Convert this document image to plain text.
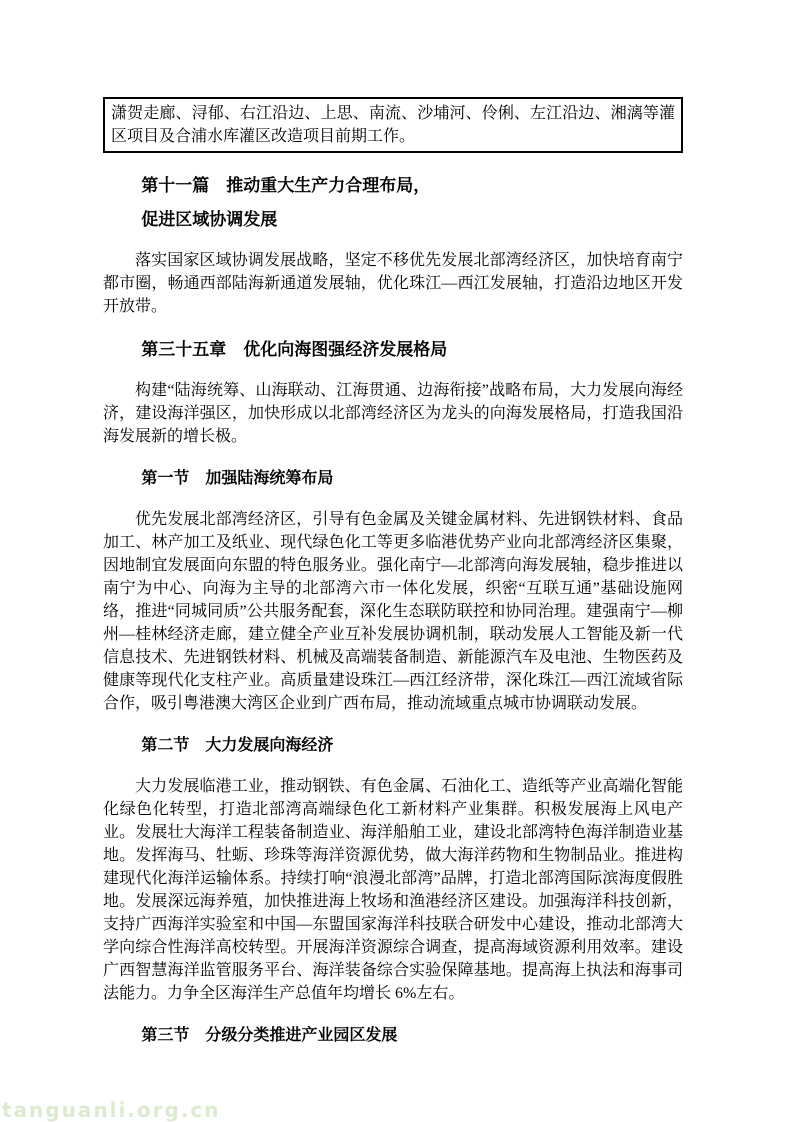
潇贺走廊、浔郁、右江沿边、上思、南流、沙埔河、伶俐、左江沿边、湘漓等灌区项目及合浦水库灌区改造项目前期工作。
第十一篇　推动重大生产力合理布局，
促进区域协调发展
落实国家区域协调发展战略，坚定不移优先发展北部湾经济区，加快培育南宁都市圈，畅通西部陆海新通道发展轴，优化珠江—西江发展轴，打造沿边地区开发开放带。
第三十五章　优化向海图强经济发展格局
构建“陆海统筹、山海联动、江海贯通、边海衔接”战略布局，大力发展向海经济，建设海洋强区，加快形成以北部湾经济区为龙头的向海发展格局，打造我国沿海发展新的增长极。
第一节　加强陆海统筹布局
优先发展北部湾经济区，引导有色金属及关键金属材料、先进钢铁材料、食品加工、林产加工及纸业、现代绿色化工等更多临港优势产业向北部湾经济区集聚，因地制宜发展面向东盟的特色服务业。强化南宁—北部湾向海发展轴，稳步推进以南宁为中心、向海为主导的北部湾六市一体化发展，织密“互联互通”基础设施网络，推进“同城同质”公共服务配套，深化生态联防联控和协同治理。建强南宁—柳州—桂林经济走廊，建立健全产业互补发展协调机制，联动发展人工智能及新一代信息技术、先进钢铁材料、机械及高端装备制造、新能源汽车及电池、生物医药及健康等现代化支柱产业。高质量建设珠江—西江经济带，深化珠江—西江流域省际合作，吸引粤港澳大湾区企业到广西布局，推动流域重点城市协调联动发展。
第二节　大力发展向海经济
大力发展临港工业，推动钢铁、有色金属、石油化工、造纸等产业高端化智能化绿色化转型，打造北部湾高端绿色化工新材料产业集群。积极发展海上风电产业。发展壮大海洋工程装备制造业、海洋船舶工业，建设北部湾特色海洋制造业基地。发挥海马、牡蛎、珍珠等海洋资源优势，做大海洋药物和生物制品业。推进构建现代化海洋运输体系。持续打响“浪漫北部湾”品牌，打造北部湾国际滨海度假胜地。发展深远海养殖，加快推进海上牧场和渔港经济区建设。加强海洋科技创新，支持广西海洋实验室和中国—东盟国家海洋科技联合研发中心建设，推动北部湾大学向综合性海洋高校转型。开展海洋资源综合调查，提高海域资源利用效率。建设广西智慧海洋监管服务平台、海洋装备综合实验保障基地。提高海上执法和海事司法能力。力争全区海洋生产总值年均增长 6%左右。
第三节　分级分类推进产业园区发展
tanguanli.org.cn
